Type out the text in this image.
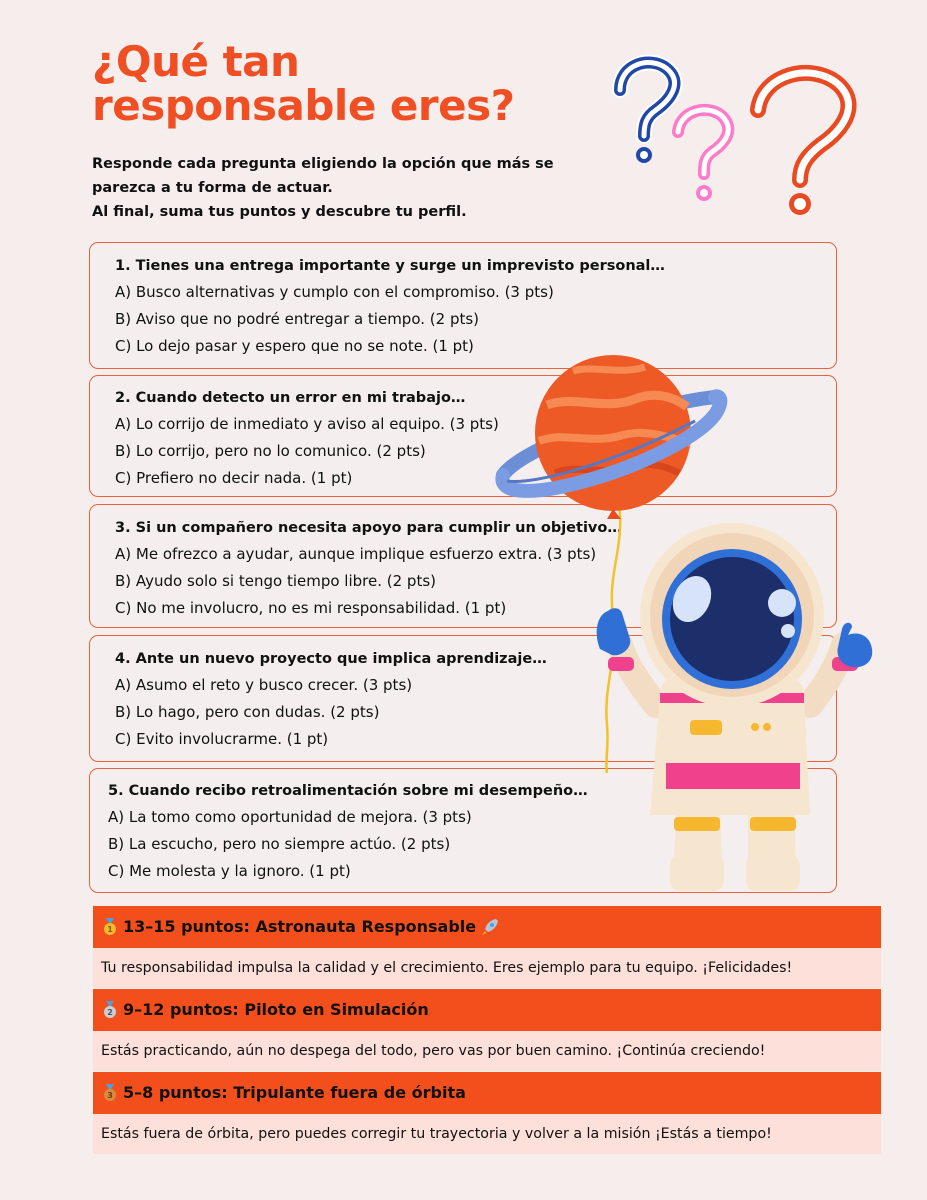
¿Qué tan
responsable eres?
Responde cada pregunta eligiendo la opción que más se
parezca a tu forma de actuar.
Al final, suma tus puntos y descubre tu perfil.
1. Tienes una entrega importante y surge un imprevisto personal…
A) Busco alternativas y cumplo con el compromiso. (3 pts)
B) Aviso que no podré entregar a tiempo. (2 pts)
C) Lo dejo pasar y espero que no se note. (1 pt)
2. Cuando detecto un error en mi trabajo…
A) Lo corrijo de inmediato y aviso al equipo. (3 pts)
B) Lo corrijo, pero no lo comunico. (2 pts)
C) Prefiero no decir nada. (1 pt)
3. Si un compañero necesita apoyo para cumplir un objetivo…
A) Me ofrezco a ayudar, aunque implique esfuerzo extra. (3 pts)
B) Ayudo solo si tengo tiempo libre. (2 pts)
C) No me involucro, no es mi responsabilidad. (1 pt)
4. Ante un nuevo proyecto que implica aprendizaje…
A) Asumo el reto y busco crecer. (3 pts)
B) Lo hago, pero con dudas. (2 pts)
C) Evito involucrarme. (1 pt)
5. Cuando recibo retroalimentación sobre mi desempeño…
A) La tomo como oportunidad de mejora. (3 pts)
B) La escucho, pero no siempre actúo. (2 pts)
C) Me molesta y la ignoro. (1 pt)
1 13–15 puntos: Astronauta Responsable
Tu responsabilidad impulsa la calidad y el crecimiento. Eres ejemplo para tu equipo. ¡Felicidades!
2 9–12 puntos: Piloto en Simulación
Estás practicando, aún no despega del todo, pero vas por buen camino. ¡Continúa creciendo!
3 5–8 puntos: Tripulante fuera de órbita
Estás fuera de órbita, pero puedes corregir tu trayectoria y volver a la misión ¡Estás a tiempo!
